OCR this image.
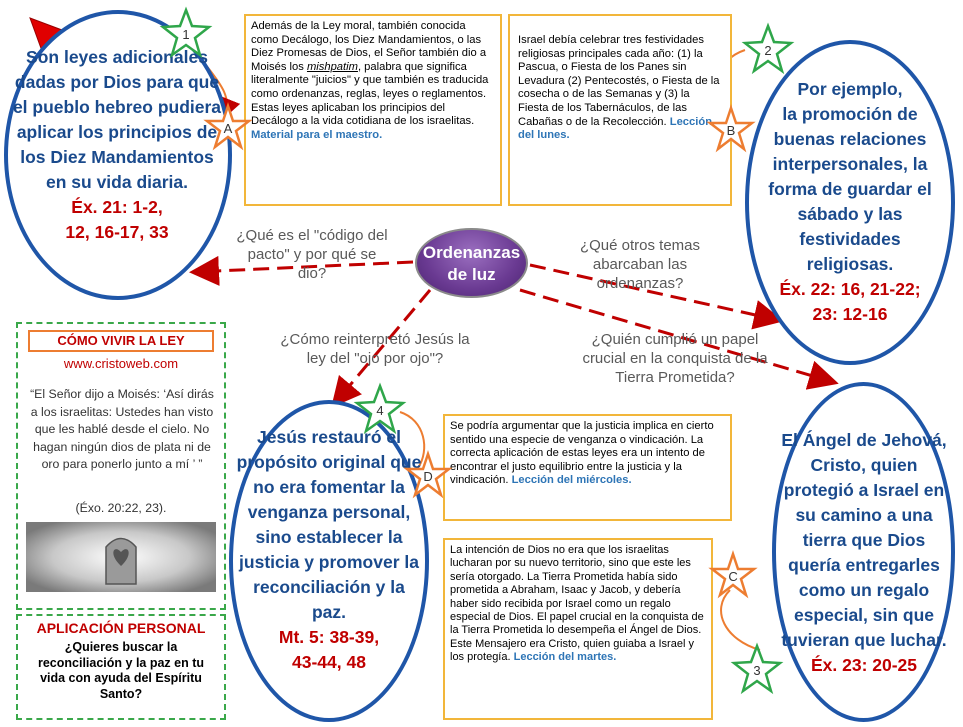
Son leyes adicionales dadas por Dios para que el pueblo hebreo pudiera aplicar los principios de los Diez Mandamientos en su vida diaria.
Éx. 21: 1-2,
12, 16-17, 33
Por ejemplo,
la promoción de buenas relaciones interpersonales, la forma de guardar el sábado y las festividades religiosas.
Éx. 22: 16, 21-22;
23: 12-16
El Ángel de Jehová, Cristo, quien protegió a Israel en su camino a una tierra que Dios quería entregarles como un regalo especial, sin que tuvieran que luchar.
Éx. 23: 20-25
Jesús restauró el propósito original que no era fomentar la venganza personal, sino establecer la justicia y promover la reconciliación y la paz.
Mt. 5: 38-39,
43-44, 48
Además de la Ley moral, también conocida como Decálogo, los Diez Mandamientos, o las Diez Promesas de Dios, el Señor también dio a Moisés los mishpatim, palabra que significa literalmente "juicios" y que también es traducida como ordenanzas, reglas, leyes o reglamentos. Estas leyes aplicaban los principios del Decálogo a la vida cotidiana de los israelitas. Material para el maestro.
Israel debía celebrar tres festividades religiosas principales cada año: (1) la Pascua, o Fiesta de los Panes sin Levadura (2) Pentecostés, o Fiesta de la cosecha o de las Semanas y (3) la Fiesta de los Tabernáculos, de las Cabañas o de la Recolección. Lección del lunes.
Se podría argumentar que la justicia implica en cierto sentido una especie de venganza o vindicación. La correcta aplicación de estas leyes era un intento de encontrar el justo equilibrio entre la justicia y la vindicación. Lección del miércoles.
La intención de Dios no era que los israelitas lucharan por su nuevo territorio, sino que este les sería otorgado. La Tierra Prometida había sido prometida a Abraham, Isaac y Jacob, y debería haber sido recibida por Israel como un regalo especial de Dios. El papel crucial en la conquista de la Tierra Prometida lo desempeña el Ángel de Dios. Este Mensajero era Cristo, quien guiaba a Israel y los protegía. Lección del martes.
Ordenanzas
de luz
¿Qué es el "código del pacto" y por qué se dio?
¿Qué otros temas abarcaban las ordenanzas?
¿Cómo reinterpretó Jesús la ley del "ojo por ojo"?
¿Quién cumplió un papel crucial en la conquista de la Tierra Prometida?
CÓMO VIVIR LA LEY
www.cristoweb.com
“El Señor dijo a Moisés: ‘Así dirás a los israelitas: Ustedes han visto que les hablé desde el cielo. No hagan ningún dios de plata ni de oro para ponerlo junto a mí ’ ”
(Éxo. 20:22, 23).
APLICACIÓN PERSONAL
¿Quieres buscar la reconciliación y la paz en tu vida con ayuda del Espíritu Santo?
1
2
3
4
A	B
C
D
